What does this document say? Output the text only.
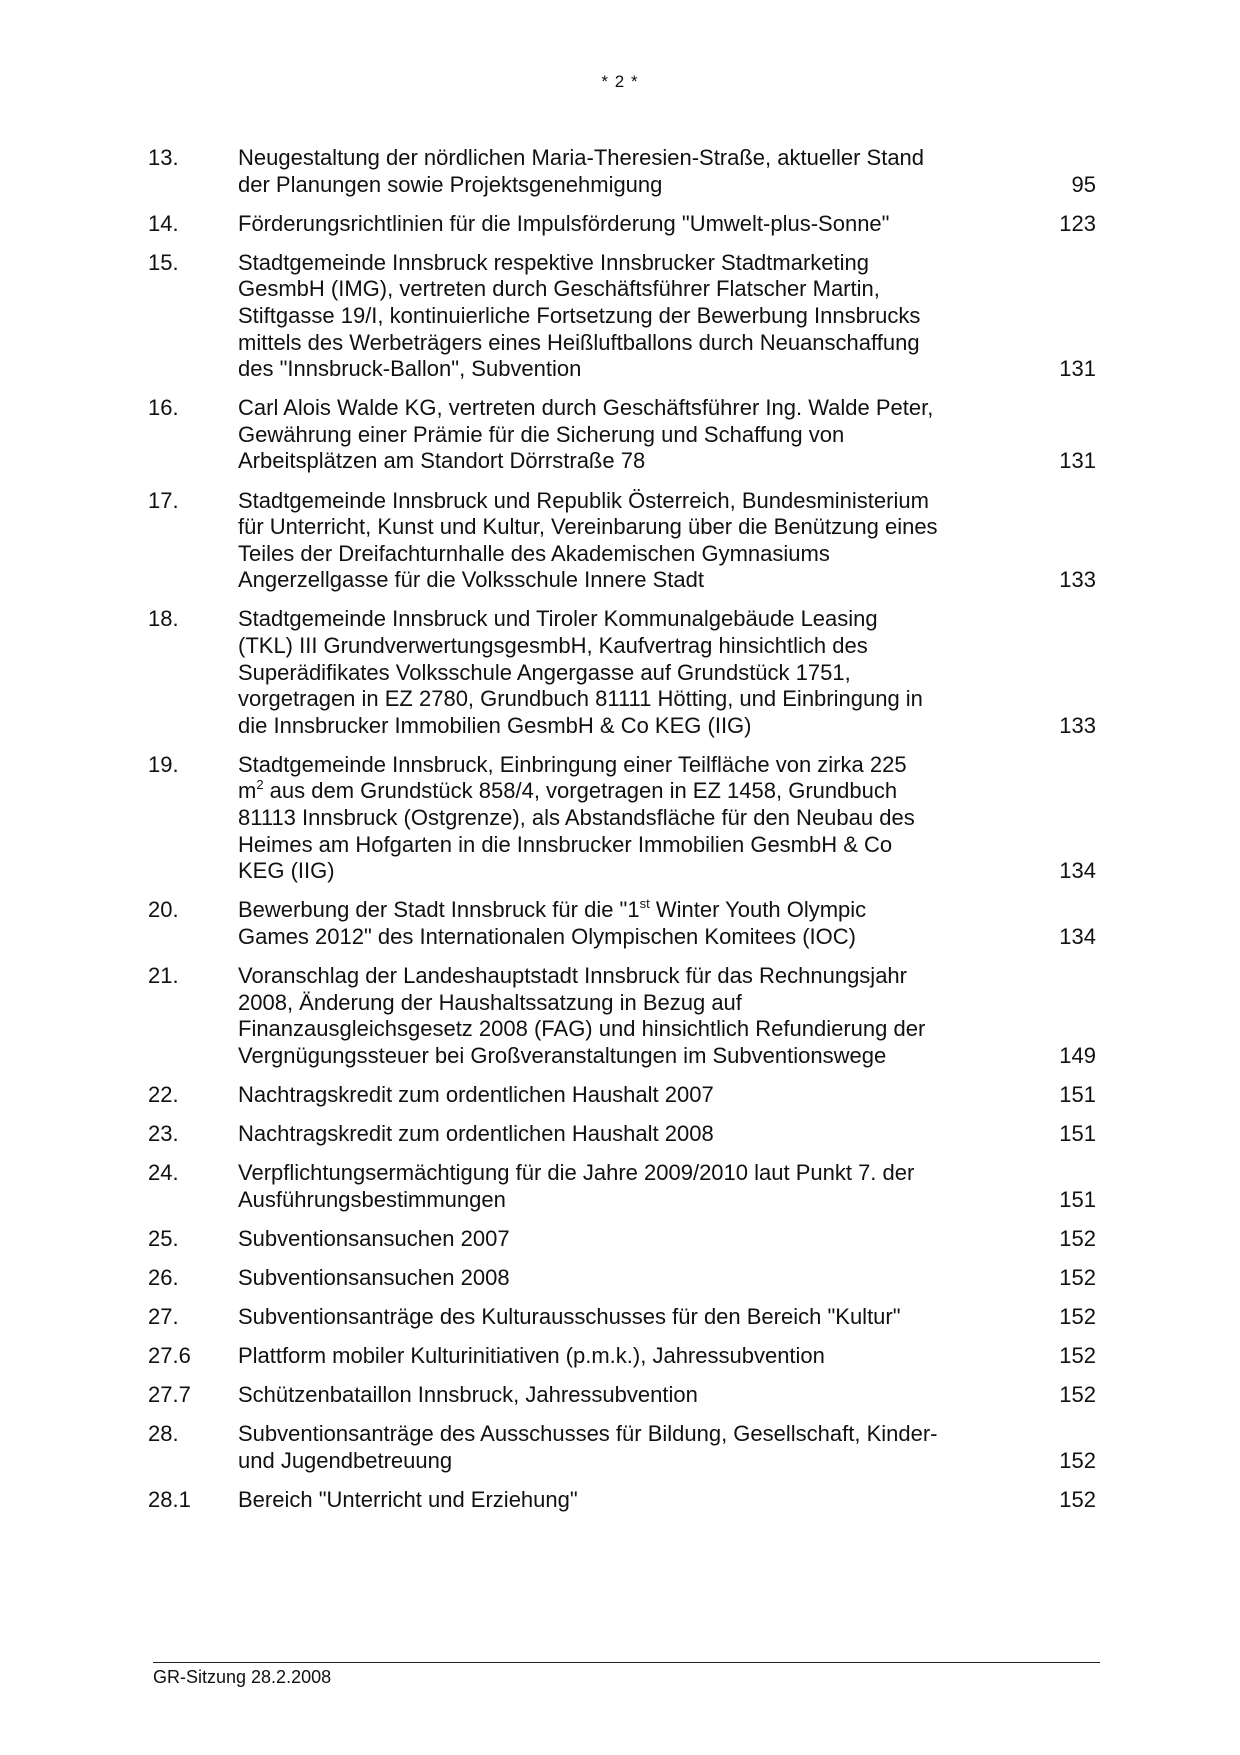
* 2 *
13.	Neugestaltung der nördlichen Maria-Theresien-Straße, aktueller Stand der Planungen sowie Projektsgenehmigung	95
14.	Förderungsrichtlinien für die Impulsförderung "Umwelt-plus-Sonne"	123
15.	Stadtgemeinde Innsbruck respektive Innsbrucker Stadtmarketing GesmbH (IMG), vertreten durch Geschäftsführer Flatscher Martin, Stiftgasse 19/I, kontinuierliche Fortsetzung der Bewerbung Innsbrucks mittels des Werbeträgers eines Heißluftballons durch Neuanschaffung des "Innsbruck-Ballon", Subvention	131
16.	Carl Alois Walde KG, vertreten durch Geschäftsführer Ing. Walde Peter, Gewährung einer Prämie für die Sicherung und Schaffung von Arbeitsplätzen am Standort Dörrstraße 78	131
17.	Stadtgemeinde Innsbruck und Republik Österreich, Bundesministerium für Unterricht, Kunst und Kultur, Vereinbarung über die Benützung eines Teiles der Dreifachturnhalle des Akademischen Gymnasiums Angerzellgasse für die Volksschule Innere Stadt	133
18.	Stadtgemeinde Innsbruck und Tiroler Kommunalgebäude Leasing (TKL) III GrundverwertungsgesmbH, Kaufvertrag hinsichtlich des Superädifikates Volksschule Angergasse auf Grundstück 1751, vorgetragen in EZ 2780, Grundbuch 81111 Hötting, und Einbringung in die Innsbrucker Immobilien GesmbH & Co KEG (IIG)	133
19.	Stadtgemeinde Innsbruck, Einbringung einer Teilfläche von zirka 225 $m^2$ aus dem Grundstück 858/4, vorgetragen in EZ 1458, Grundbuch 81113 Innsbruck (Ostgrenze), als Abstandsfläche für den Neubau des Heimes am Hofgarten in die Innsbrucker Immobilien GesmbH & Co KEG (IIG)	134
20.	Bewerbung der Stadt Innsbruck für die "1st Winter Youth Olympic Games 2012" des Internationalen Olympischen Komitees (IOC)	134
21.	Voranschlag der Landeshauptstadt Innsbruck für das Rechnungsjahr 2008, Änderung der Haushaltssatzung in Bezug auf Finanzausgleichsgesetz 2008 (FAG) und hinsichtlich Refundierung der Vergnügungssteuer bei Großveranstaltungen im Subventionswege	149
22.	Nachtragskredit zum ordentlichen Haushalt 2007	151
23.	Nachtragskredit zum ordentlichen Haushalt 2008	151
24.	Verpflichtungsermächtigung für die Jahre 2009/2010 laut Punkt 7. der Ausführungsbestimmungen	151
25.	Subventionsansuchen 2007	152
26.	Subventionsansuchen 2008	152
27.	Subventionsanträge des Kulturausschusses für den Bereich "Kultur"	152
27.6	Plattform mobiler Kulturinitiativen (p.m.k.), Jahressubvention	152
27.7	Schützenbataillon Innsbruck, Jahressubvention	152
28.	Subventionsanträge des Ausschusses für Bildung, Gesellschaft, Kinder- und Jugendbetreuung	152
28.1	Bereich "Unterricht und Erziehung"	152
GR-Sitzung 28.2.2008
